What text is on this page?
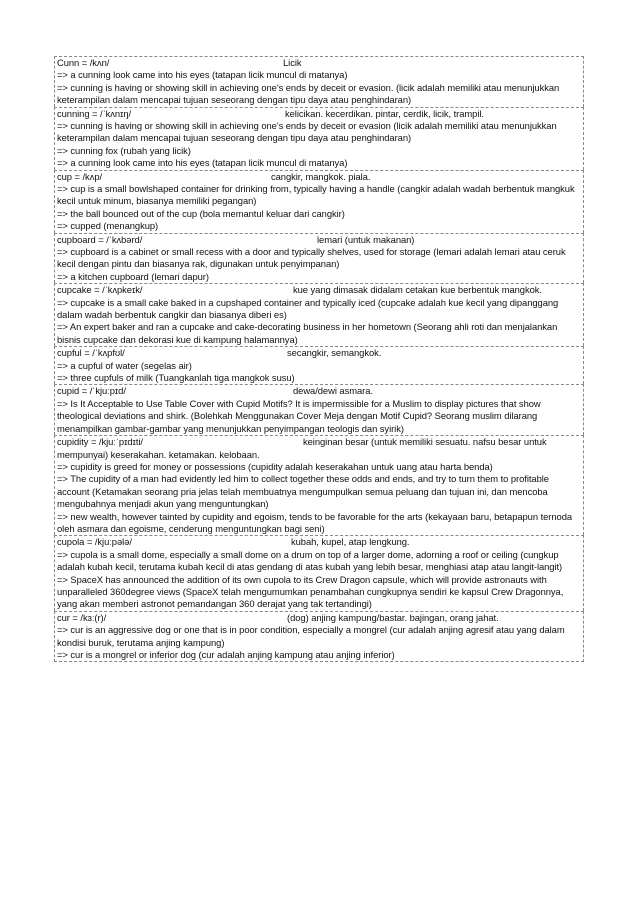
Cunn = /kʌn/	Licik
=> a cunning look came into his eyes (tatapan licik muncul di matanya)
=> cunning is having or showing skill in achieving one's ends by deceit or evasion. (licik adalah memiliki atau menunjukkan keterampilan dalam mencapai tujuan seseorang dengan tipu daya atau penghindaran)
cunning = /ˈkʌnɪŋ/	kelicikan. kecerdikan. pintar, cerdik, licik, trampil.
=> cunning is having or showing skill in achieving one's ends by deceit or evasion (licik adalah memiliki atau menunjukkan keterampilan dalam mencapai tujuan seseorang dengan tipu daya atau penghindaran)
=> cunning fox (rubah yang licik)
=> a cunning look came into his eyes (tatapan licik muncul di matanya)
cup = /kʌp/	cangkir, mangkok. piala.
=> cup is a small bowlshaped container for drinking from, typically having a handle (cangkir adalah wadah berbentuk mangkuk kecil untuk minum, biasanya memiliki pegangan)
=> the ball bounced out of the cup (bola memantul keluar dari cangkir)
=> cupped (menangkup)
cupboard = /ˈkʌbərd/	lemari (untuk makanan)
=> cupboard is a cabinet or small recess with a door and typically shelves, used for storage (lemari adalah lemari atau ceruk kecil dengan pintu dan biasanya rak, digunakan untuk penyimpanan)
=> a kitchen cupboard (lemari dapur)
cupcake = /ˈkʌpkeɪk/	kue yang dimasak didalam cetakan kue berbentuk mangkok.
=> cupcake is a small cake baked in a cupshaped container and typically iced (cupcake adalah kue kecil yang dipanggang dalam wadah berbentuk cangkir dan biasanya diberi es)
=> An expert baker and ran a cupcake and cake-decorating business in her hometown (Seorang ahli roti dan menjalankan bisnis cupcake dan dekorasi kue di kampung halamannya)
cupful = /ˈkʌpfʊl/	secangkir, semangkok.
=> a cupful of water (segelas air)
=> three cupfuls of milk (Tuangkanlah tiga mangkok susu)
cupid = /ˈkjuːpɪd/	dewa/dewi asmara.
=> Is It Acceptable to Use Table Cover with Cupid Motifs? It is impermissible for a Muslim to display pictures that show theological deviations and shirk. (Bolehkah Menggunakan Cover Meja dengan Motif Cupid? Seorang muslim dilarang menampilkan gambar-gambar yang menunjukkan penyimpangan teologis dan syirik)
cupidity = /kjuːˈpɪdɪti/	keinginan besar (untuk memiliki sesuatu. nafsu besar untuk mempunyai) keserakahan. ketamakan. kelobaan.
=> cupidity is greed for money or possessions (cupidity adalah keserakahan untuk uang atau harta benda)
=> The cupidity of a man had evidently led him to collect together these odds and ends, and try to turn them to profitable account (Ketamakan seorang pria jelas telah membuatnya mengumpulkan semua peluang dan tujuan ini, dan mencoba mengubahnya menjadi akun yang menguntungkan)
=> new wealth, however tainted by cupidity and egoism, tends to be favorable for the arts (kekayaan baru, betapapun ternoda oleh asmara dan egoisme, cenderung menguntungkan bagi seni)
cupola = /kjuːpələ/	kubah, kupel, atap lengkung.
=> cupola is a small dome, especially a small dome on a drum on top of a larger dome, adorning a roof or ceiling (cungkup adalah kubah kecil, terutama kubah kecil di atas gendang di atas kubah yang lebih besar, menghiasi atap atau langit-langit)
=> SpaceX has announced the addition of its own cupola to its Crew Dragon capsule, which will provide astronauts with unparalleled 360degree views (SpaceX telah mengumumkan penambahan cungkupnya sendiri ke kapsul Crew Dragonnya, yang akan memberi astronot pemandangan 360 derajat yang tak tertandingi)
cur = /kɜː(r)/	(dog) anjing kampung/bastar. bajingan, orang jahat.
=> cur is an aggressive dog or one that is in poor condition, especially a mongrel (cur adalah anjing agresif atau yang dalam kondisi buruk, terutama anjing kampung)
=> cur is a mongrel or inferior dog (cur adalah anjing kampung atau anjing inferior)
